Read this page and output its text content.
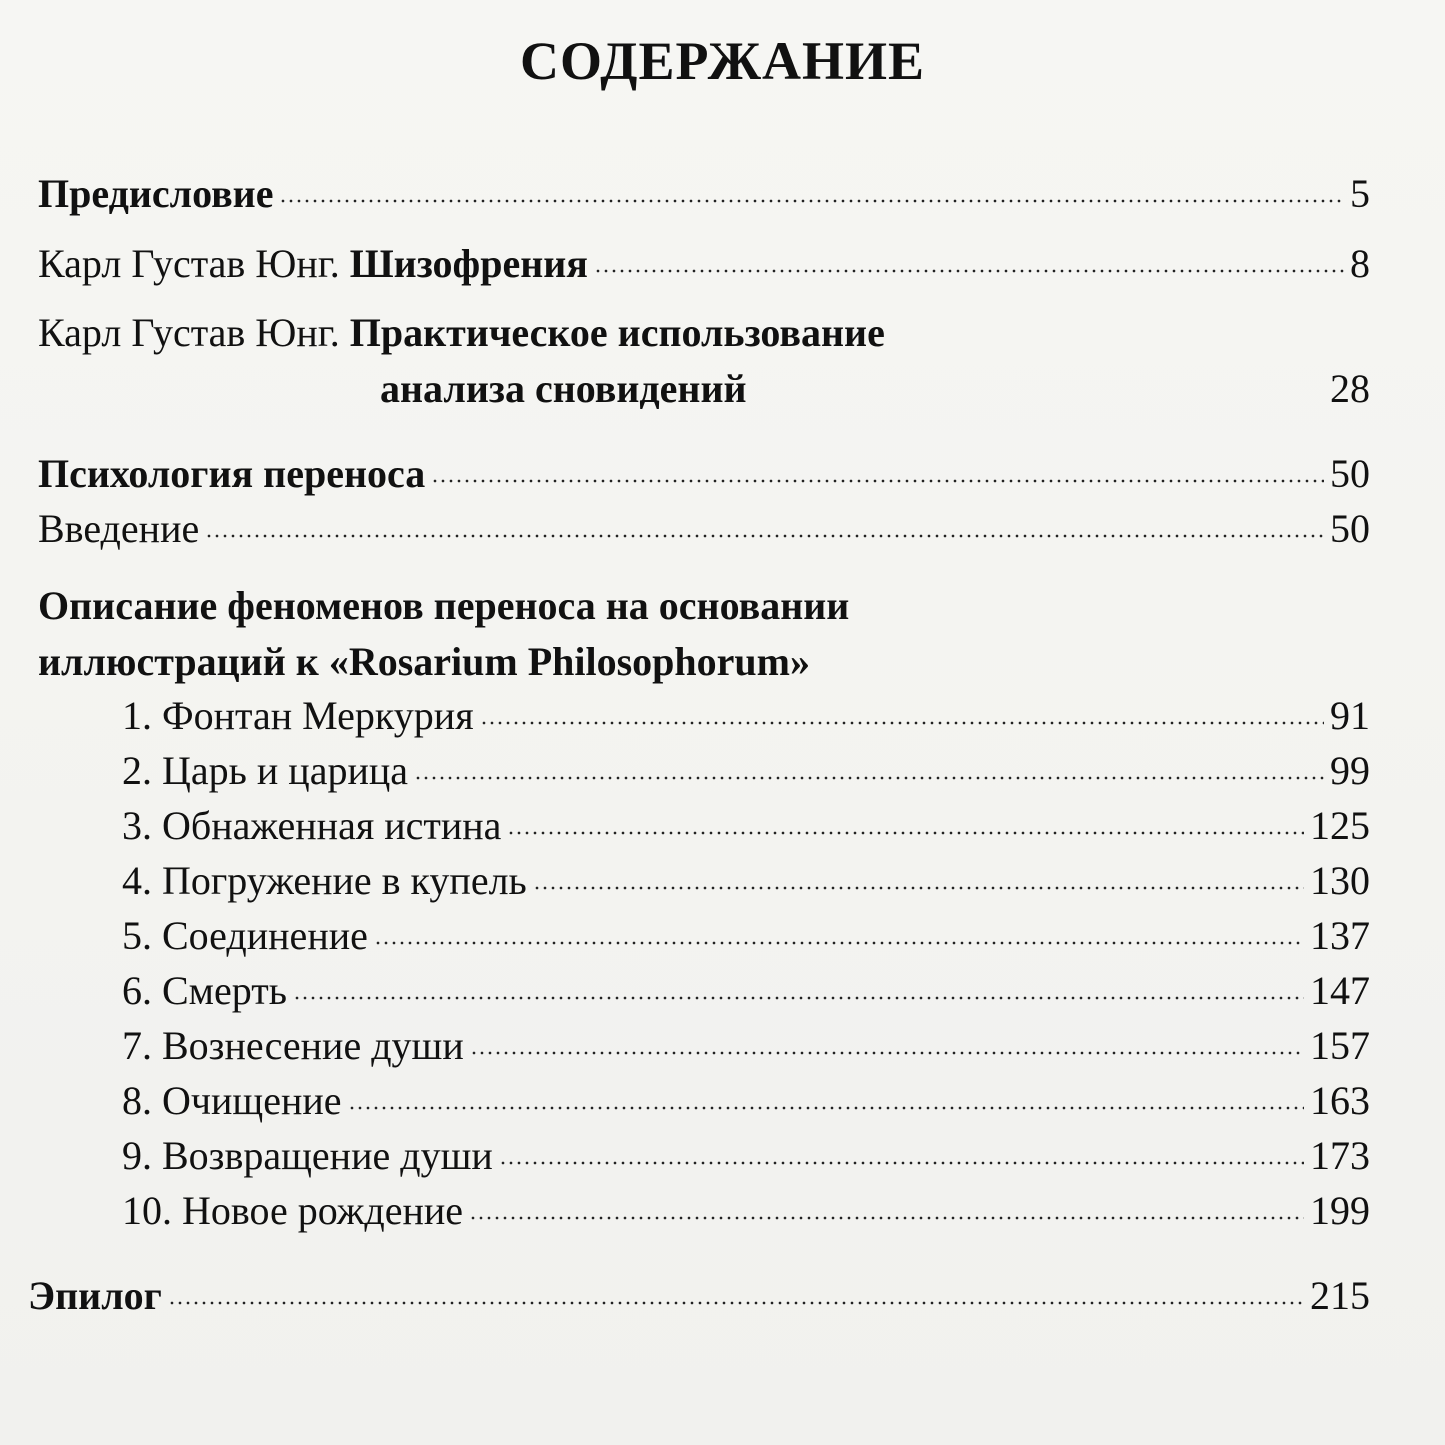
СОДЕРЖАНИЕ
Предисловие	5
Карл Густав Юнг. Шизофрения	8
Карл Густав Юнг. Практическое использование
анализа сновидений	28
Психология переноса	50
Введение	50
Описание феноменов переноса на основании
иллюстраций к «Rosarium Philosophorum»
1. Фонтан Меркурия	91
2. Царь и царица	99
3. Обнаженная истина	125
4. Погружение в купель	130
5. Соединение	137
6. Смерть	147
7. Вознесение души	157
8. Очищение	163
9. Возвращение души	173
10. Новое рождение	199
Эпилог	215
